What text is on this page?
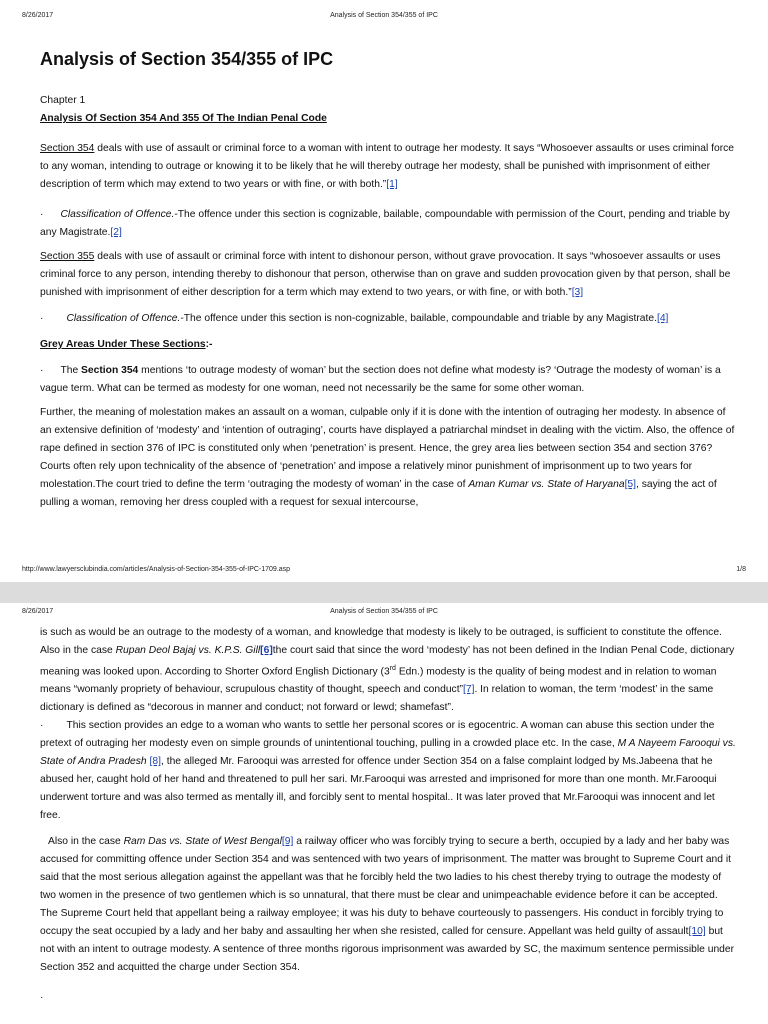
8/26/2017	Analysis of Section 354/355 of IPC
Analysis of Section 354/355 of IPC

Chapter 1

Analysis Of Section 354 And 355 Of The Indian Penal Code

Section 354 deals with use of assault or criminal force to a woman with intent to outrage her modesty. It says “Whosoever assaults or uses criminal force to any woman, intending to outrage or knowing it to be likely that he will thereby outrage her modesty, shall be punished with imprisonment of either description of term which may extend to two years or with fine, or with both.”[1]

· Classification of Offence.-The offence under this section is cognizable, bailable, compoundable with permission of the Court, pending and triable by any Magistrate.[2]

Section 355 deals with use of assault or criminal force with intent to dishonour person, without grave provocation. It says “whosoever assaults or uses criminal force to any person, intending thereby to dishonour that person, otherwise than on grave and sudden provocation given by that person, shall be punished with imprisonment of either description for a term which may extend to two years, or with fine, or with both.”[3]

· Classification of Offence.-The offence under this section is non-cognizable, bailable, compoundable and triable by any Magistrate.[4]

Grey Areas Under These Sections:-

· The Section 354 mentions ‘to outrage modesty of woman’ but the section does not define what modesty is? ‘Outrage the modesty of woman’ is a vague term. What can be termed as modesty for one woman, need not necessarily be the same for some other woman.

Further, the meaning of molestation makes an assault on a woman, culpable only if it is done with the intention of outraging her modesty. In absence of an extensive definition of ‘modesty’ and ‘intention of outraging’, courts have displayed a patriarchal mindset in dealing with the victim. Also, the offence of rape defined in section 376 of IPC is constituted only when ‘penetration’ is present. Hence, the grey area lies between section 354 and section 376? Courts often rely upon technicality of the absence of ‘penetration’ and impose a relatively minor punishment of imprisonment up to two years for molestation.The court tried to define the term ‘outraging the modesty of woman’ in the case of Aman Kumar vs. State of Haryana[5], saying the act of pulling a woman, removing her dress coupled with a request for sexual intercourse,

http://www.lawyersclubindia.com/articles/Analysis-of-Section-354-355-of-IPC-1709.asp	1/8
8/26/2017	Analysis of Section 354/355 of IPC

is such as would be an outrage to the modesty of a woman, and knowledge that modesty is likely to be outraged, is sufficient to constitute the offence. Also in the case Rupan Deol Bajaj vs. K.P.S. Gill[6]the court said that since the word ‘modesty’ has not been defined in the Indian Penal Code, dictionary meaning was looked upon. According to Shorter Oxford English Dictionary (3rd Edn.) modesty is the quality of being modest and in relation to woman means “womanly propriety of behaviour, scrupulous chastity of thought, speech and conduct”[7]. In relation to woman, the term ‘modest’ in the same dictionary is defined as “decorous in manner and conduct; not forward or lewd; shamefast”.

· This section provides an edge to a woman who wants to settle her personal scores or is egocentric. A woman can abuse this section under the pretext of outraging her modesty even on simple grounds of unintentional touching, pulling in a crowded place etc. In the case, M A Nayeem Farooqui vs. State of Andra Pradesh [8], the alleged Mr. Farooqui was arrested for offence under Section 354 on a false complaint lodged by Ms.Jabeena that he abused her, caught hold of her hand and threatened to pull her sari. Mr.Farooqui was arrested and imprisoned for more than one month. Mr.Farooqui underwent torture and was also termed as mentally ill, and forcibly sent to mental hospital.. It was later proved that Mr.Farooqui was innocent and let free.

Also in the case Ram Das vs. State of West Bengal[9] a railway officer who was forcibly trying to secure a berth, occupied by a lady and her baby was accused for committing offence under Section 354 and was sentenced with two years of imprisonment. The matter was brought to Supreme Court and it said that the most serious allegation against the appellant was that he forcibly held the two ladies to his chest thereby trying to outrage the modesty of two women in the presence of two gentlemen which is so unnatural, that there must be clear and unimpeachable evidence before it can be accepted.

The Supreme Court held that appellant being a railway employee; it was his duty to behave courteously to passengers. His conduct in forcibly trying to occupy the seat occupied by a lady and her baby and assaulting her when she resisted, called for censure. Appellant was held guilty of assault[10] but not with an intent to outrage modesty. A sentence of three months rigorous imprisonment was awarded by SC, the maximum sentence permissible under Section 352 and acquitted the charge under Section 354.

·
